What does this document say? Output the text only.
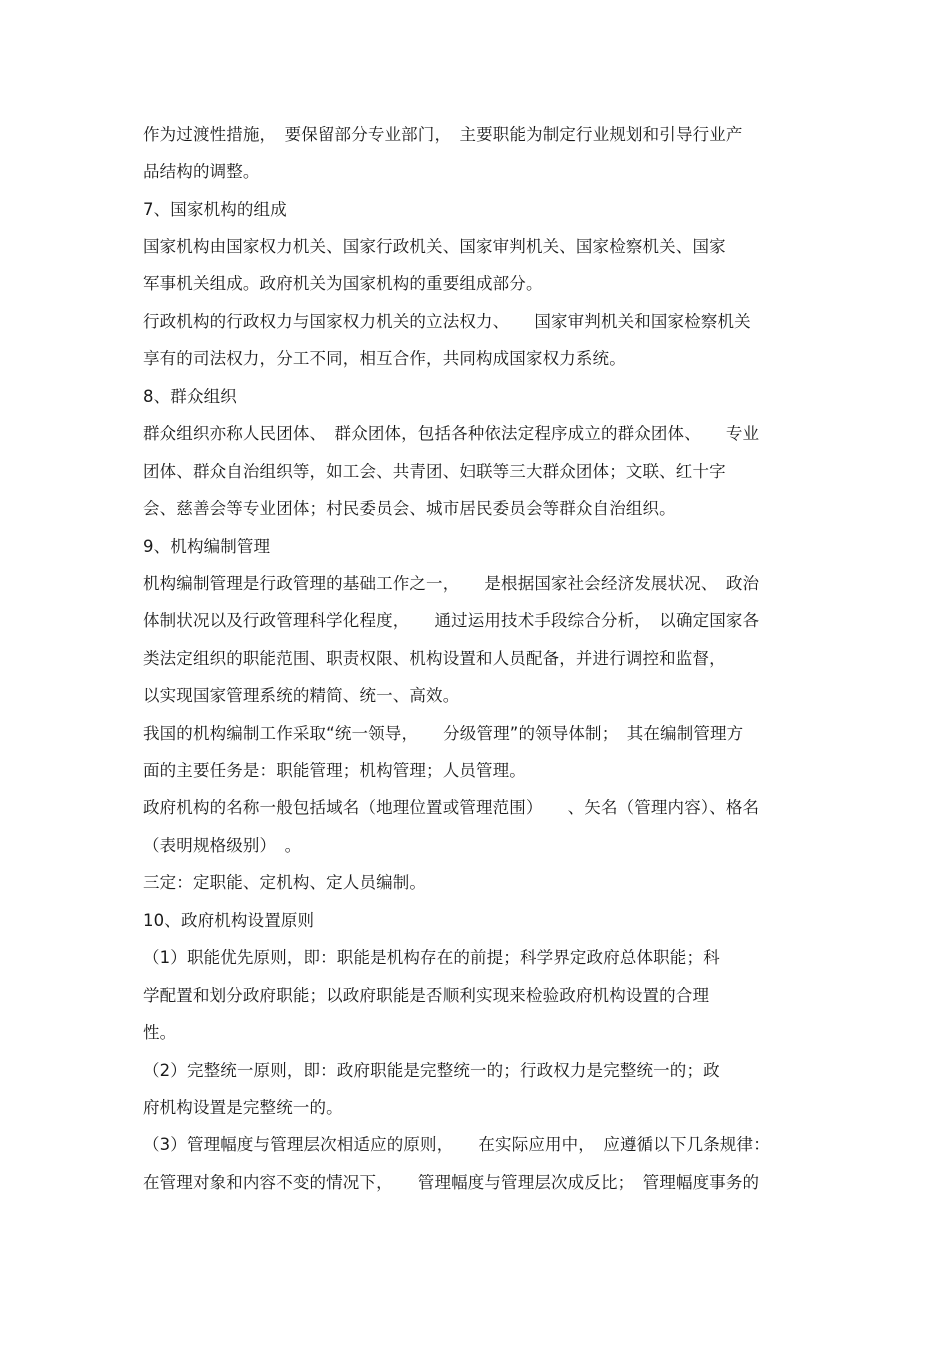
作为过渡性措施，　要保留部分专业部门，　主要职能为制定行业规划和引导行业产
品结构的调整。
7、国家机构的组成
国家机构由国家权力机关、国家行政机关、国家审判机关、国家检察机关、国家
军事机关组成。政府机关为国家机构的重要组成部分。
行政机构的行政权力与国家权力机关的立法权力、　　国家审判机关和国家检察机关
享有的司法权力，分工不同，相互合作，共同构成国家权力系统。
8、群众组织
群众组织亦称人民团体、　群众团体，包括各种依法定程序成立的群众团体、　　专业
团体、群众自治组织等，如工会、共青团、妇联等三大群众团体；文联、红十字
会、慈善会等专业团体；村民委员会、城市居民委员会等群众自治组织。
9、机构编制管理
机构编制管理是行政管理的基础工作之一，　　是根据国家社会经济发展状况、　政治
体制状况以及行政管理科学化程度，　　通过运用技术手段综合分析，　以确定国家各
类法定组织的职能范围、职责权限、机构设置和人员配备，并进行调控和监督，
以实现国家管理系统的精简、统一、高效。
我国的机构编制工作采取“统一领导，　　分级管理”的领导体制；　其在编制管理方
面的主要任务是：职能管理；机构管理；人员管理。
政府机构的名称一般包括域名（地理位置或管理范围）　　、矢名（管理内容）、格名
（表明规格级别）　。
三定：定职能、定机构、定人员编制。
10、政府机构设置原则
（1）职能优先原则，即：职能是机构存在的前提；科学界定政府总体职能；科
学配置和划分政府职能；以政府职能是否顺利实现来检验政府机构设置的合理
性。
（2）完整统一原则，即：政府职能是完整统一的；行政权力是完整统一的；政
府机构设置是完整统一的。
（3）管理幅度与管理层次相适应的原则，　　在实际应用中，　应遵循以下几条规律：
在管理对象和内容不变的情况下，　　管理幅度与管理层次成反比；　管理幅度事务的
